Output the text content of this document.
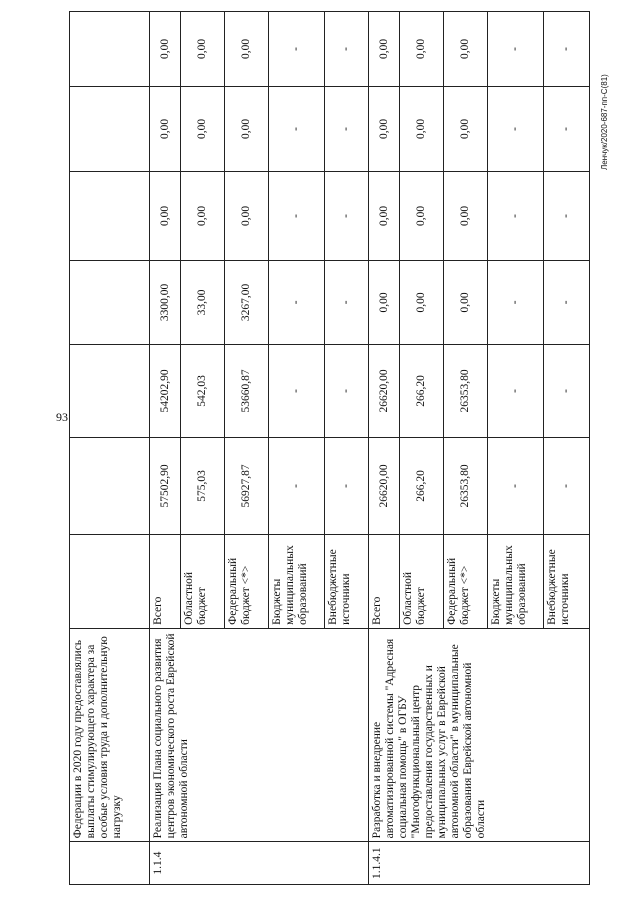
93
Ленчук/2020-687-пп-С(81)
	Федерации в 2020 году предоставлялись выплаты стимулирующего характера за особые условия труда и дополнительную нагрузку							
1.1.4	Реализация Плана социального развития центров экономического роста Еврейской автономной области	Всего	57502,90	54202,90	3300,00	0,00	0,00	0,00
		Областной бюджет	575,03	542,03	33,00	0,00	0,00	0,00
		Федеральный бюджет <*>	56927,87	53660,87	3267,00	0,00	0,00	0,00
		Бюджеты муниципальных образований	-	-	-	-	-	-
		Внебюджетные источники	-	-	-	-	-	-
1.1.4.1	Разработка и внедрение автоматизированной системы "Адресная социальная помощь" в ОГБУ "Многофункциональный центр предоставления государственных и муниципальных услуг в Еврейской автономной области" в муниципальные образования Еврейской автономной области	Всего	26620,00	26620,00	0,00	0,00	0,00	0,00
		Областной бюджет	266,20	266,20	0,00	0,00	0,00	0,00
		Федеральный бюджет <*>	26353,80	26353,80	0,00	0,00	0,00	0,00
		Бюджеты муниципальных образований	-	-	-	-	-	-
		Внебюджетные источники	-	-	-	-	-	-
